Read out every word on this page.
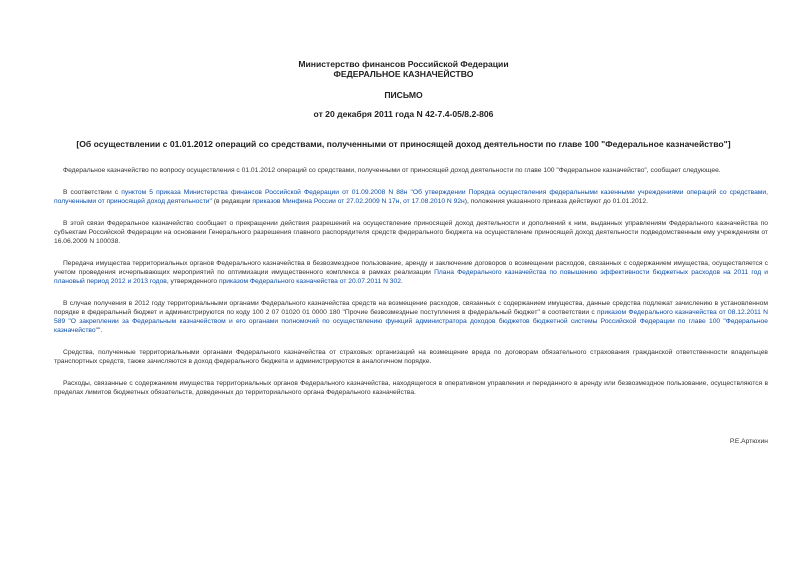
Министерство финансов Российской Федерации
ФЕДЕРАЛЬНОЕ КАЗНАЧЕЙСТВО
ПИСЬМО
от 20 декабря 2011 года N 42-7.4-05/8.2-806
[Об осуществлении с 01.01.2012 операций со средствами, полученными от приносящей доход деятельности по главе 100 "Федеральное казначейство"]

Федеральное казначейство по вопросу осуществления с 01.01.2012 операций со средствами, полученными от приносящей доход деятельности по главе 100 "Федеральное казначейство", сообщает следующее.

В соответствии с пунктом 5 приказа Министерства финансов Российской Федерации от 01.09.2008 N 88н "Об утверждении Порядка осуществления федеральными казенными учреждениями операций со средствами, полученными от приносящей доход деятельности" (в редакции приказов Минфина России от 27.02.2009 N 17н, от 17.08.2010 N 92н), положения указанного приказа действуют до 01.01.2012.

В этой связи Федеральное казначейство сообщает о прекращении действия разрешений на осуществление приносящей доход деятельности и дополнений к ним, выданных управлениям Федерального казначейства по субъектам Российской Федерации на основании Генерального разрешения главного распорядителя средств федерального бюджета на осуществление приносящей доход деятельности подведомственным ему учреждениям от 16.06.2009 N 100038.

Передача имущества территориальных органов Федерального казначейства в безвозмездное пользование, аренду и заключение договоров о возмещении расходов, связанных с содержанием имущества, осуществляется с учетом проведения исчерпывающих мероприятий по оптимизации имущественного комплекса в рамках реализации Плана Федерального казначейства по повышению эффективности бюджетных расходов на 2011 год и плановый период 2012 и 2013 годов, утвержденного приказом Федерального казначейства от 20.07.2011 N 302.

В случае получения в 2012 году территориальными органами Федерального казначейства средств на возмещение расходов, связанных с содержанием имущества, данные средства подлежат зачислению в установленном порядке в федеральный бюджет и администрируются по коду 100 2 07 01020 01 0000 180 "Прочие безвозмездные поступления в федеральный бюджет" в соответствии с приказом Федерального казначейства от 08.12.2011 N 589 "О закреплении за Федеральным казначейством и его органами полномочий по осуществлению функций администратора доходов бюджетов бюджетной системы Российской Федерации по главе 100 "Федеральное казначейство"".

Средства, полученные территориальными органами Федерального казначейства от страховых организаций на возмещение вреда по договорам обязательного страхования гражданской ответственности владельцев транспортных средств, также зачисляются в доход федерального бюджета и администрируются в аналогичном порядке.

Расходы, связанные с содержанием имущества территориальных органов Федерального казначейства, находящегося в оперативном управлении и переданного в аренду или безвозмездное пользование, осуществляются в пределах лимитов бюджетных обязательств, доведенных до территориального органа Федерального казначейства.

Р.Е.Артюхин
